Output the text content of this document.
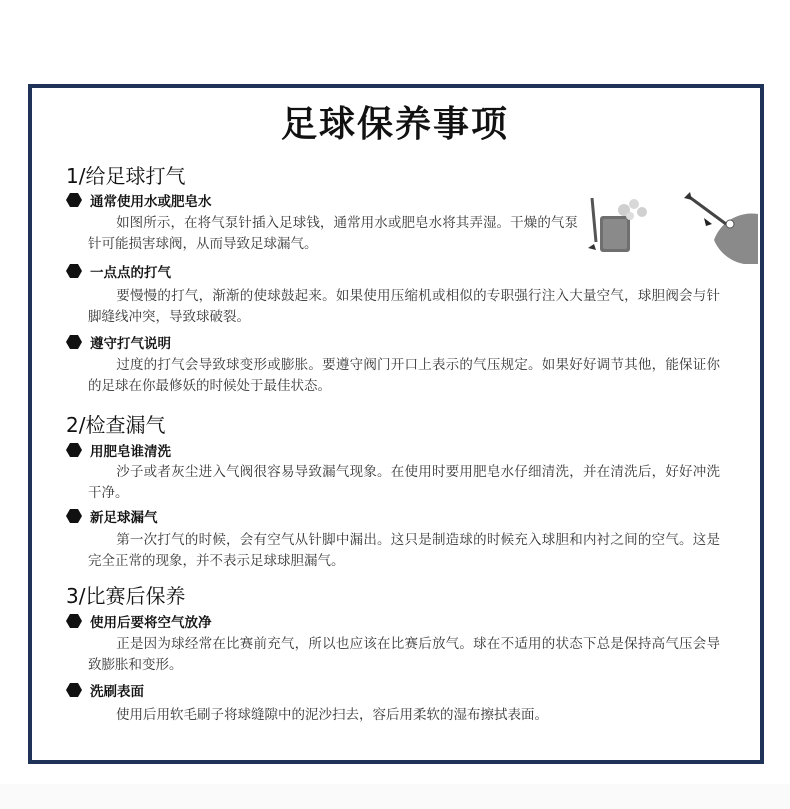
足球保养事项
1/给足球打气
通常使用水或肥皂水
如图所示，在将气泵针插入足球钱，通常用水或肥皂水将其弄湿。干燥的气泵针可能损害球阀，从而导致足球漏气。
一点点的打气
要慢慢的打气，渐渐的使球鼓起来。如果使用压缩机或相似的专职强行注入大量空气，球胆阀会与针脚缝线冲突，导致球破裂。
遵守打气说明
过度的打气会导致球变形或膨胀。要遵守阀门开口上表示的气压规定。如果好好调节其他，能保证你的足球在你最修妖的时候处于最佳状态。
2/检查漏气
用肥皂谁清洗
沙子或者灰尘进入气阀很容易导致漏气现象。在使用时要用肥皂水仔细清洗，并在清洗后，好好冲洗干净。
新足球漏气
第一次打气的时候，会有空气从针脚中漏出。这只是制造球的时候充入球胆和内衬之间的空气。这是完全正常的现象，并不表示足球球胆漏气。
3/比赛后保养
使用后要将空气放净
正是因为球经常在比赛前充气，所以也应该在比赛后放气。球在不适用的状态下总是保持高气压会导致膨胀和变形。
洗刷表面
使用后用软毛刷子将球缝隙中的泥沙扫去，容后用柔软的湿布擦拭表面。
